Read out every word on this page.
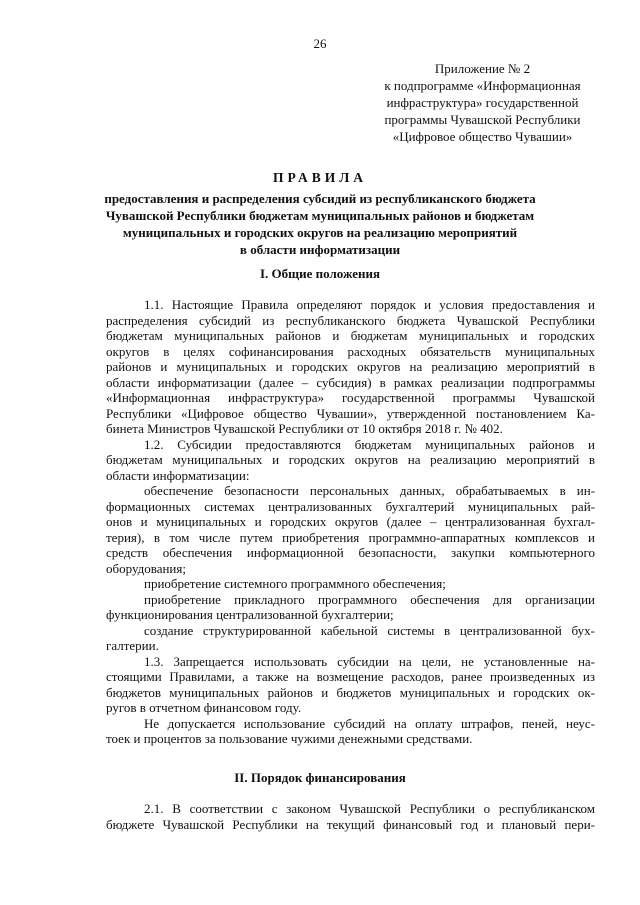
26
Приложение № 2
к подпрограмме «Информационная
инфраструктура» государственной
программы Чувашской Республики
«Цифровое общество Чувашии»
ПРАВИЛА
предоставления и распределения субсидий из республиканского бюджета
Чувашской Республики бюджетам муниципальных районов и бюджетам
муниципальных и городских округов на реализацию мероприятий
в области информатизации
I. Общие положения
1.1. Настоящие Правила определяют порядок и условия предоставления и
распределения субсидий из республиканского бюджета Чувашской Республики
бюджетам муниципальных районов и бюджетам муниципальных и городских
округов в целях софинансирования расходных обязательств муниципальных
районов и муниципальных и городских округов на реализацию мероприятий в
области информатизации (далее – субсидия) в рамках реализации подпрограммы
«Информационная инфраструктура» государственной программы Чувашской
Республики «Цифровое общество Чувашии», утвержденной постановлением Ка-
бинета Министров Чувашской Республики от 10 октября 2018 г. № 402.
1.2. Субсидии предоставляются бюджетам муниципальных районов и
бюджетам муниципальных и городских округов на реализацию мероприятий в
области информатизации:
обеспечение безопасности персональных данных, обрабатываемых в ин-
формационных системах централизованных бухгалтерий муниципальных рай-
онов и муниципальных и городских округов (далее – централизованная бухгал-
терия), в том числе путем приобретения программно-аппаратных комплексов и
средств обеспечения информационной безопасности, закупки компьютерного
оборудования;
приобретение системного программного обеспечения;
приобретение прикладного программного обеспечения для организации
функционирования централизованной бухгалтерии;
создание структурированной кабельной системы в централизованной бух-
галтерии.
1.3. Запрещается использовать субсидии на цели, не установленные на-
стоящими Правилами, а также на возмещение расходов, ранее произведенных из
бюджетов муниципальных районов и бюджетов муниципальных и городских ок-
ругов в отчетном финансовом году.
Не допускается использование субсидий на оплату штрафов, пеней, неус-
тоек и процентов за пользование чужими денежными средствами.
II. Порядок финансирования
2.1. В соответствии с законом Чувашской Республики о республиканском
бюджете Чувашской Республики на текущий финансовый год и плановый пери-
